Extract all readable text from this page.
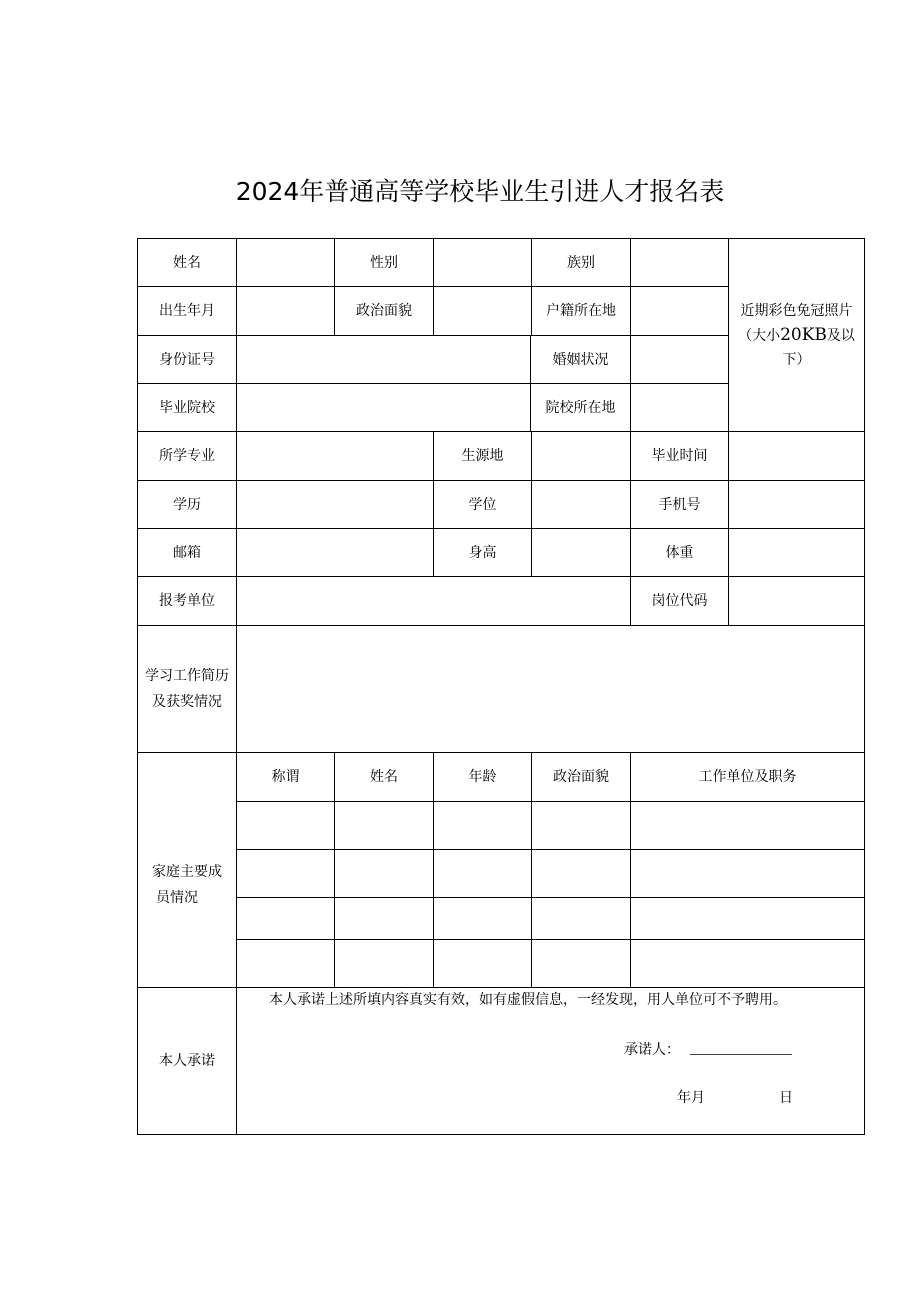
2024年普通高等学校毕业生引进人才报名表
姓名	性别	族别
近期彩色免冠照片
（大小20KB及以
下）
出生年月	政治面貌	户籍所在地
身份证号	婚姻状况
毕业院校	院校所在地
所学专业	生源地	毕业时间
学历	学位	手机号
邮箱	身高	体重
报考单位	岗位代码
学习工作简历
及获奖情况
家庭主要成
员情况
称谓	姓名	年龄	政治面貌	工作单位及职务
本人承诺
本人承诺上述所填内容真实有效，如有虚假信息，一经发现，用人单位可不予聘用。
承诺人：
年月	日
